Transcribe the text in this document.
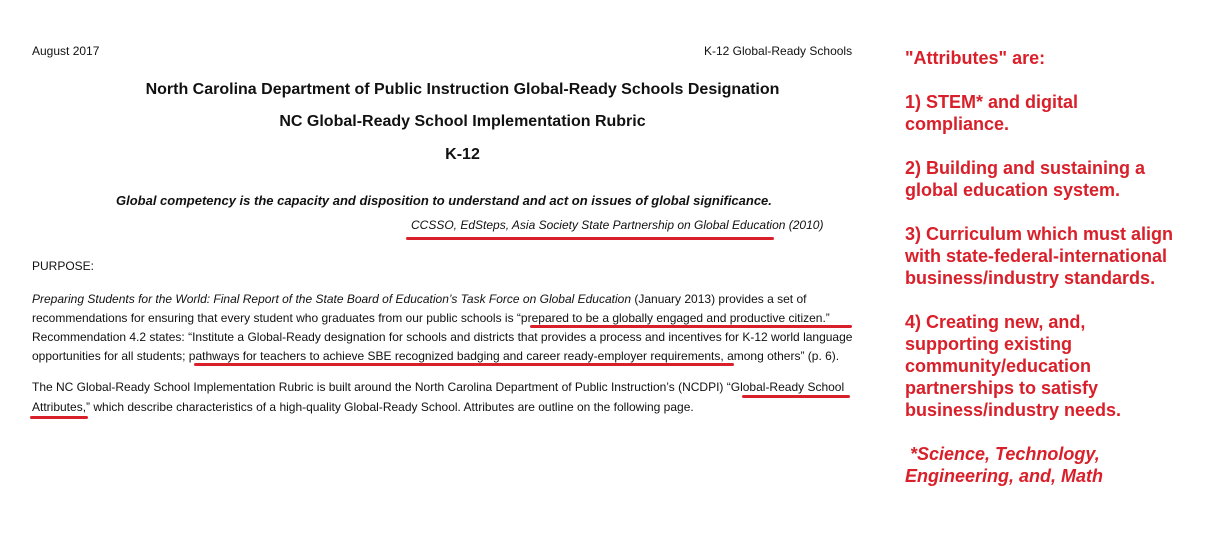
August 2017	K-12 Global-Ready Schools
North Carolina Department of Public Instruction Global-Ready Schools Designation
NC Global-Ready School Implementation Rubric
K-12
Global competency is the capacity and disposition to understand and act on issues of global significance.
CCSSO, EdSteps, Asia Society State Partnership on Global Education (2010)
PURPOSE:
Preparing Students for the World: Final Report of the State Board of Education’s Task Force on Global Education (January 2013) provides a set of
recommendations for ensuring that every student who graduates from our public schools is “prepared to be a globally engaged and productive citizen.”
Recommendation 4.2 states: “Institute a Global-Ready designation for schools and districts that provides a process and incentives for K-12 world language
opportunities for all students; pathways for teachers to achieve SBE recognized badging and career ready-employer requirements, among others” (p. 6).
The NC Global-Ready School Implementation Rubric is built around the North Carolina Department of Public Instruction’s (NCDPI) “Global-Ready School
Attributes,” which describe characteristics of a high-quality Global-Ready School. Attributes are outline on the following page.
"Attributes" are:
1) STEM* and digital
compliance.
2) Building and sustaining a
global education system.
3) Curriculum which must align
with state-federal-international
business/industry standards.
4) Creating new, and,
supporting existing
community/education
partnerships to satisfy
business/industry needs.
*Science, Technology,
Engineering, and, Math
